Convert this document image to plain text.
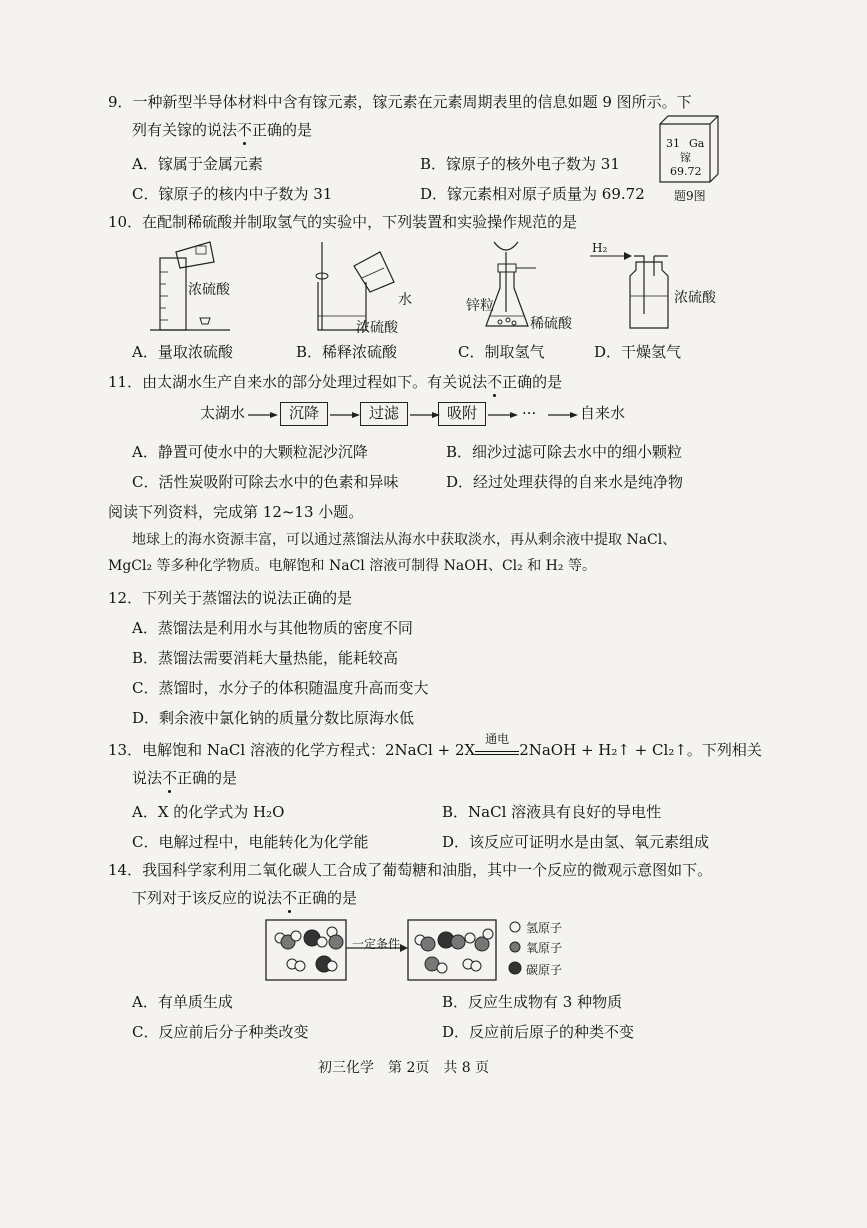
9．一种新型半导体材料中含有镓元素，镓元素在元素周期表里的信息如题 9 图所示。下
列有关镓的说法不正确的是
A．镓属于金属元素	B．镓原子的核外电子数为 31
C．镓原子的核内中子数为 31	D．镓元素相对原子质量为 69.72
31 Ga
镓
69.72
题9图
10．在配制稀硫酸并制取氢气的实验中，下列装置和实验操作规范的是
浓硫酸
水
浓硫酸
锌粒
稀硫酸
H₂
浓硫酸
A．量取浓硫酸	B．稀释浓硫酸	C．制取氢气	D．干燥氢气
11．由太湖水生产自来水的部分处理过程如下。有关说法不正确的是
太湖水	沉降	过滤	吸附	···	自来水
A．静置可使水中的大颗粒泥沙沉降	B．细沙过滤可除去水中的细小颗粒
C．活性炭吸附可除去水中的色素和异味	D．经过处理获得的自来水是纯净物
阅读下列资料，完成第 12~13 小题。
地球上的海水资源丰富，可以通过蒸馏法从海水中获取淡水，再从剩余液中提取 NaCl、
MgCl₂ 等多种化学物质。电解饱和 NaCl 溶液可制得 NaOH、Cl₂ 和 H₂ 等。
12．下列关于蒸馏法的说法正确的是
A．蒸馏法是利用水与其他物质的密度不同
B．蒸馏法需要消耗大量热能，能耗较高
C．蒸馏时，水分子的体积随温度升高而变大
D．剩余液中氯化钠的质量分数比原海水低
13．电解饱和 NaCl 溶液的化学方程式：2NaCl + 2X
通电
2NaOH + H₂↑ + Cl₂↑。下列相关
说法不正确的是
A．X 的化学式为 H₂O	B．NaCl 溶液具有良好的导电性
C．电解过程中，电能转化为化学能	D．该反应可证明水是由氢、氧元素组成
14．我国科学家利用二氧化碳人工合成了葡萄糖和油脂，其中一个反应的微观示意图如下。
下列对于该反应的说法不正确的是
一定条件
氢原子
氧原子
碳原子
A．有单质生成	B．反应生成物有 3 种物质
C．反应前后分子种类改变	D．反应前后原子的种类不变
初三化学　第 2页　共 8 页
